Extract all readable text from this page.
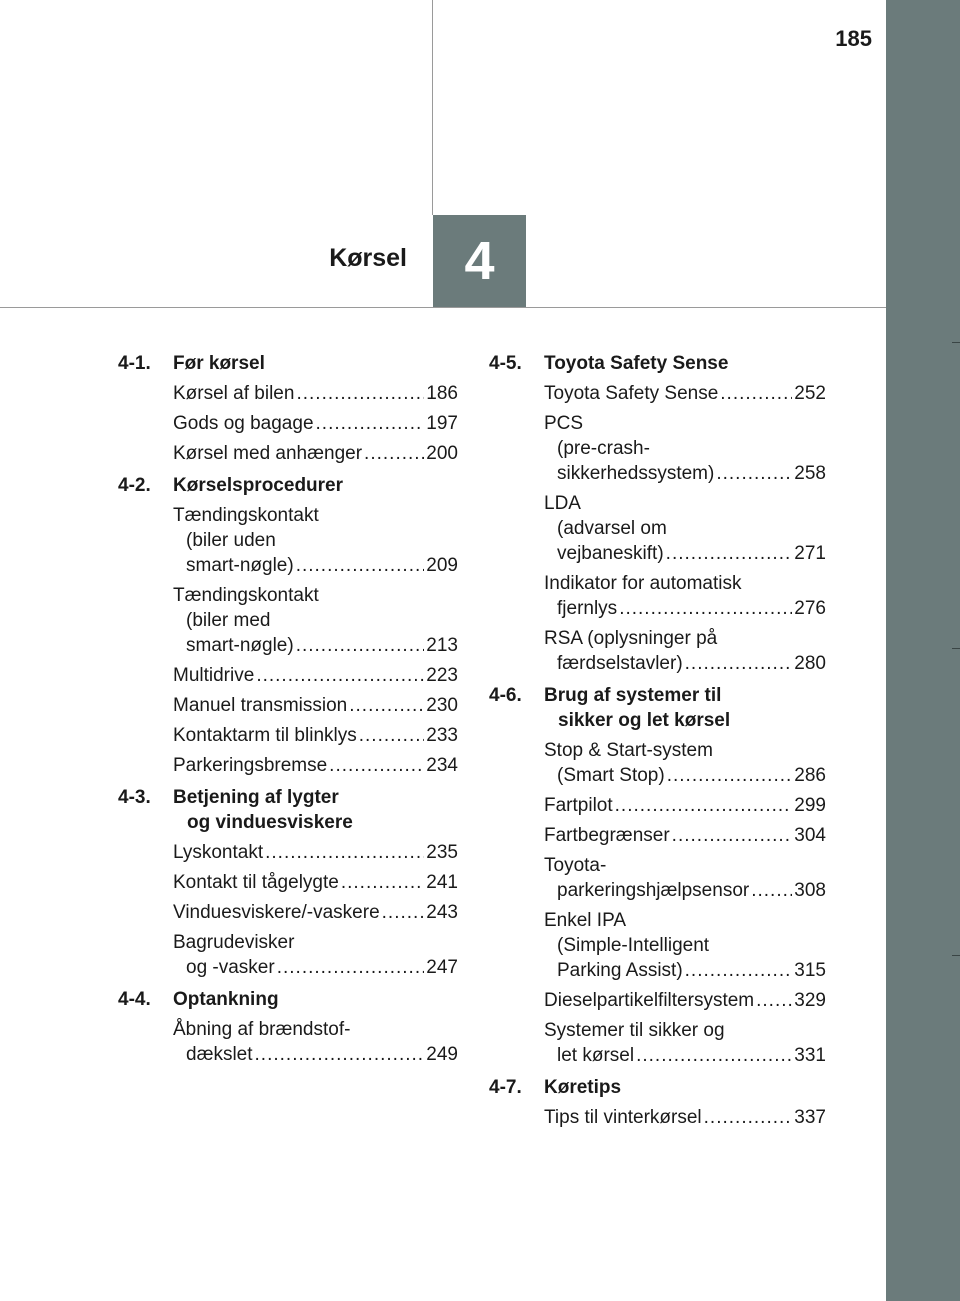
185
4
Kørsel
4-1.	Før kørsel
Kørsel af bilen .....	186
Gods og bagage .....	197
Kørsel med anhænger .....	200
4-2.	Kørselsprocedurer
Tændingskontakt
(biler uden
smart-nøgle) .....	209
Tændingskontakt
(biler med
smart-nøgle) .....	213
Multidrive .....	223
Manuel transmission .....	230
Kontaktarm til blinklys .....	233
Parkeringsbremse .....	234
4-3.	Betjening af lygter
og vinduesviskere
Lyskontakt .....	235
Kontakt til tågelygte .....	241
Vinduesviskere/-vaskere ..... 243
Bagrudevisker
og -vasker .....	247
4-4.	Optankning
Åbning af brændstof-
dækslet .....	249
4-5.	Toyota Safety Sense
Toyota Safety Sense .....	252
PCS
(pre-crash-
sikkerhedssystem) .....	258
LDA
(advarsel om
vejbaneskift) .....	271
Indikator for automatisk
fjernlys .....	276
RSA (oplysninger på
færdselstavler) .....	280
4-6.	Brug af systemer til
sikker og let kørsel
Stop & Start-system
(Smart Stop) .....	286
Fartpilot .....	299
Fartbegrænser .....	304
Toyota-
parkeringshjælpsensor ..... 308
Enkel IPA
(Simple-Intelligent
Parking Assist) .....	315
Dieselpartikelfiltersystem ..... 329
Systemer til sikker og
let kørsel .....	331
4-7.	Køretips
Tips til vinterkørsel .....	337
